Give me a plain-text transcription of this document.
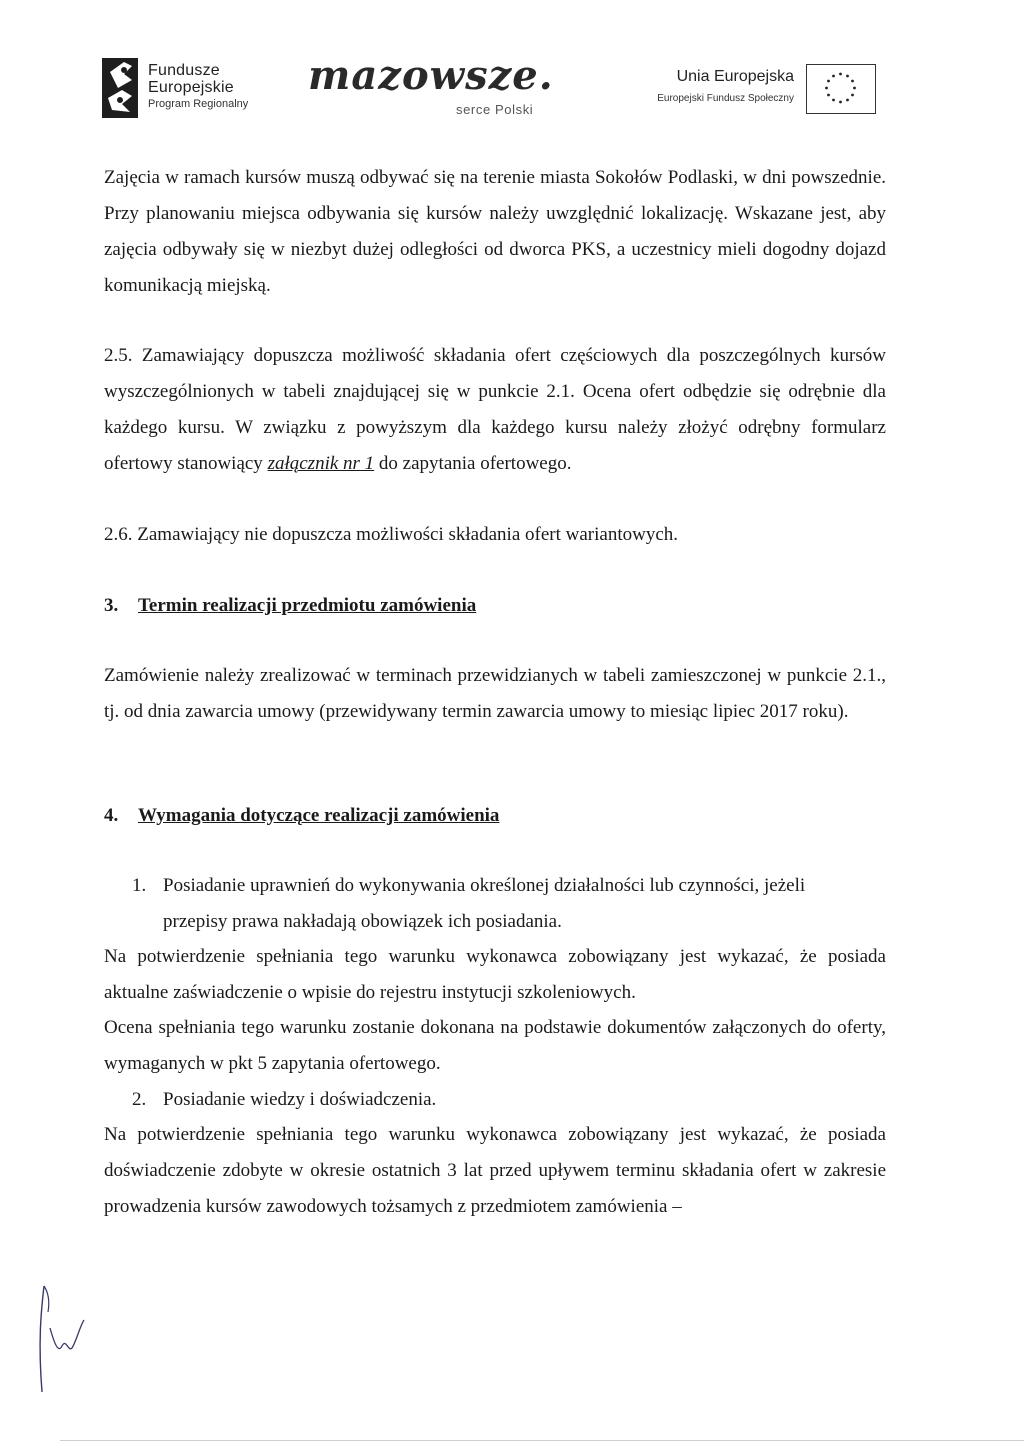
Fundusze
Europejskie
Program Regionalny
mazowsze.
serce Polski
Unia Europejska
Europejski Fundusz Społeczny

Zajęcia w ramach kursów muszą odbywać się na terenie miasta Sokołów Podlaski, w dni powszednie. Przy planowaniu miejsca odbywania się kursów należy uwzględnić lokalizację. Wskazane jest, aby zajęcia odbywały się w niezbyt dużej odległości od dworca PKS, a uczestnicy mieli dogodny dojazd komunikacją miejską.

2.5. Zamawiający dopuszcza możliwość składania ofert częściowych dla poszczególnych kursów wyszczególnionych w tabeli znajdującej się w punkcie 2.1. Ocena ofert odbędzie się odrębnie dla każdego kursu. W związku z powyższym dla każdego kursu należy złożyć odrębny formularz ofertowy stanowiący załącznik nr 1 do zapytania ofertowego.

2.6. Zamawiający nie dopuszcza możliwości składania ofert wariantowych.

3. Termin realizacji przedmiotu zamówienia

Zamówienie należy zrealizować w terminach przewidzianych w tabeli zamieszczonej w punkcie 2.1., tj. od dnia zawarcia umowy (przewidywany termin zawarcia umowy to miesiąc lipiec 2017 roku).

4. Wymagania dotyczące realizacji zamówienia

1. Posiadanie uprawnień do wykonywania określonej działalności lub czynności, jeżeli
przepisy prawa nakładają obowiązek ich posiadania.

Na potwierdzenie spełniania tego warunku wykonawca zobowiązany jest wykazać, że posiada aktualne zaświadczenie o wpisie do rejestru instytucji szkoleniowych.

Ocena spełniania tego warunku zostanie dokonana na podstawie dokumentów załączonych do oferty, wymaganych w pkt 5 zapytania ofertowego.

2. Posiadanie wiedzy i doświadczenia.

Na potwierdzenie spełniania tego warunku wykonawca zobowiązany jest wykazać, że posiada doświadczenie zdobyte w okresie ostatnich 3 lat przed upływem terminu składania ofert w zakresie prowadzenia kursów zawodowych tożsamych z przedmiotem zamówienia –
